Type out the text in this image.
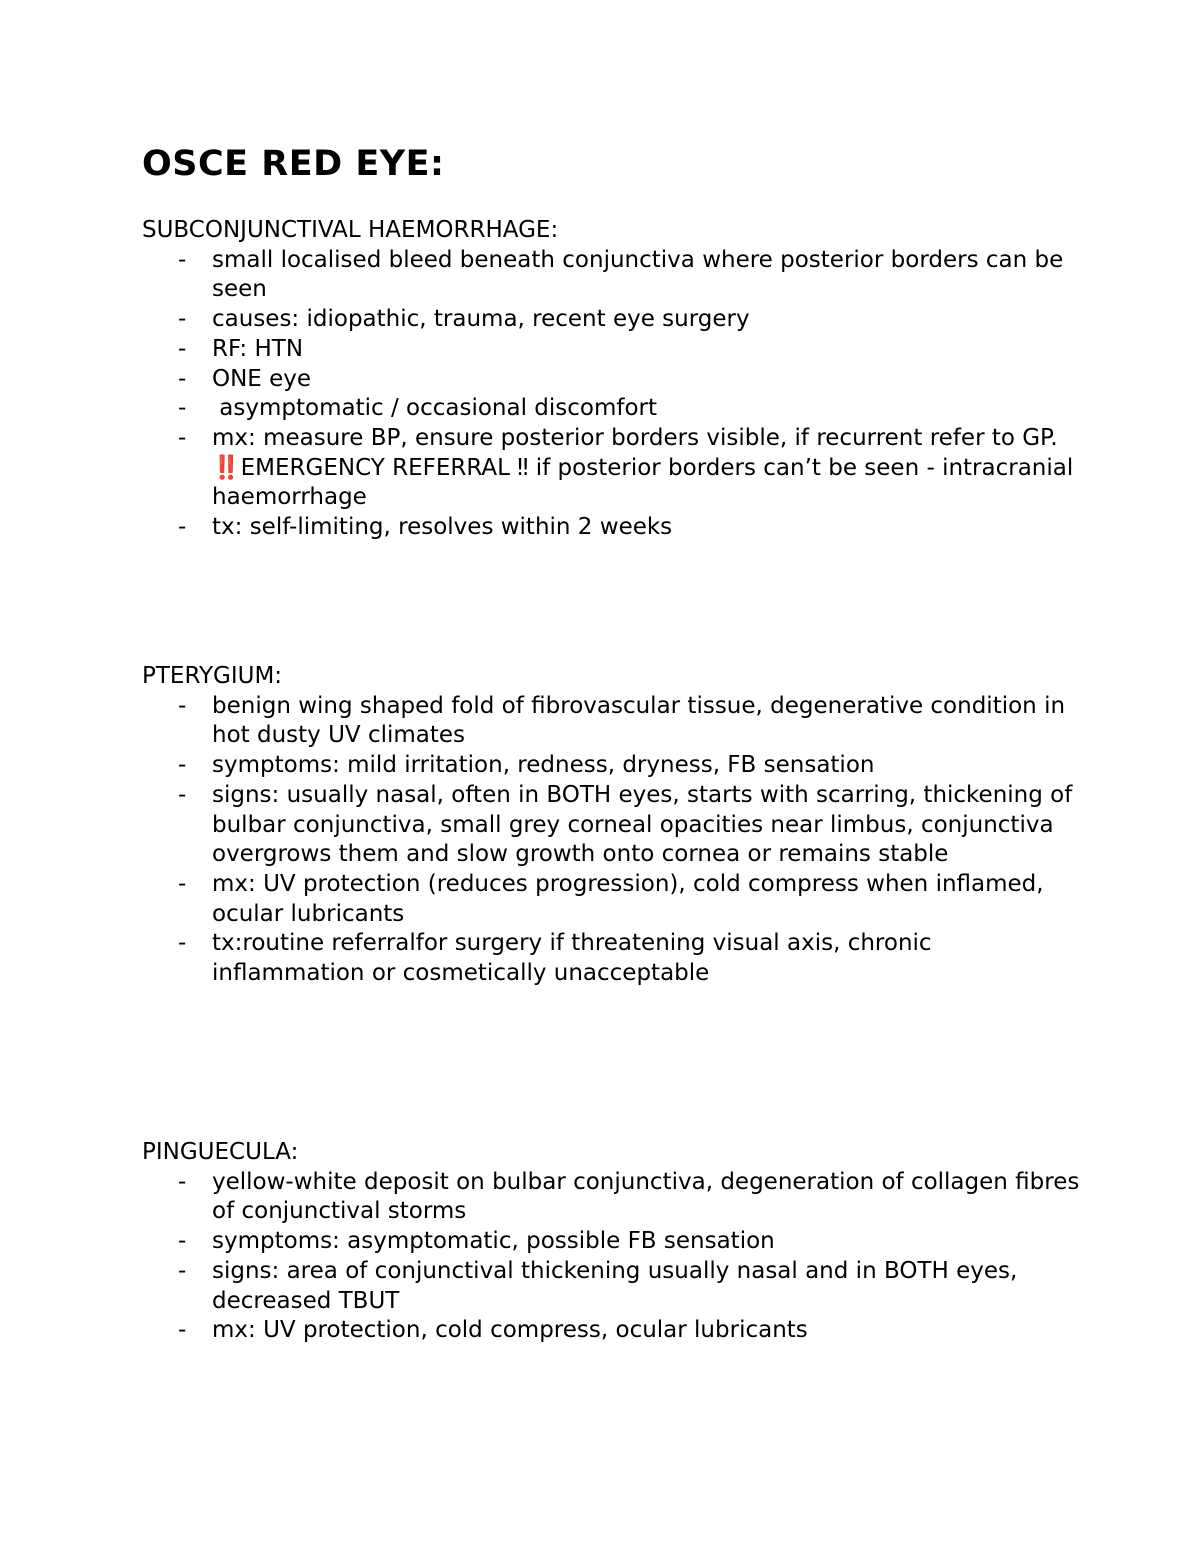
OSCE RED EYE:
SUBCONJUNCTIVAL HAEMORRHAGE:
- small localised bleed beneath conjunctiva where posterior borders can be seen
- causes: idiopathic, trauma, recent eye surgery
- RF: HTN
- ONE eye
- asymptomatic / occasional discomfort
- mx: measure BP, ensure posterior borders visible, if recurrent refer to GP. ‼️EMERGENCY REFERRAL ️‼ if posterior borders can’t be seen - intracranial haemorrhage
- tx: self-limiting, resolves within 2 weeks
PTERYGIUM:
- benign wing shaped fold of fibrovascular tissue, degenerative condition in hot dusty UV climates
- symptoms: mild irritation, redness, dryness, FB sensation
- signs: usually nasal, often in BOTH eyes, starts with scarring, thickening of bulbar conjunctiva, small grey corneal opacities near limbus, conjunctiva overgrows them and slow growth onto cornea or remains stable
- mx: UV protection (reduces progression), cold compress when inflamed, ocular lubricants
- tx:️routine referral️for surgery if threatening visual axis, chronic inflammation or cosmetically unacceptable
PINGUECULA:
- yellow-white deposit on bulbar conjunctiva, degeneration of collagen fibres of conjunctival storms
- symptoms: asymptomatic, possible FB sensation
- signs: area of conjunctival thickening usually nasal and in BOTH eyes, decreased TBUT
- mx: UV protection, cold compress, ocular lubricants
